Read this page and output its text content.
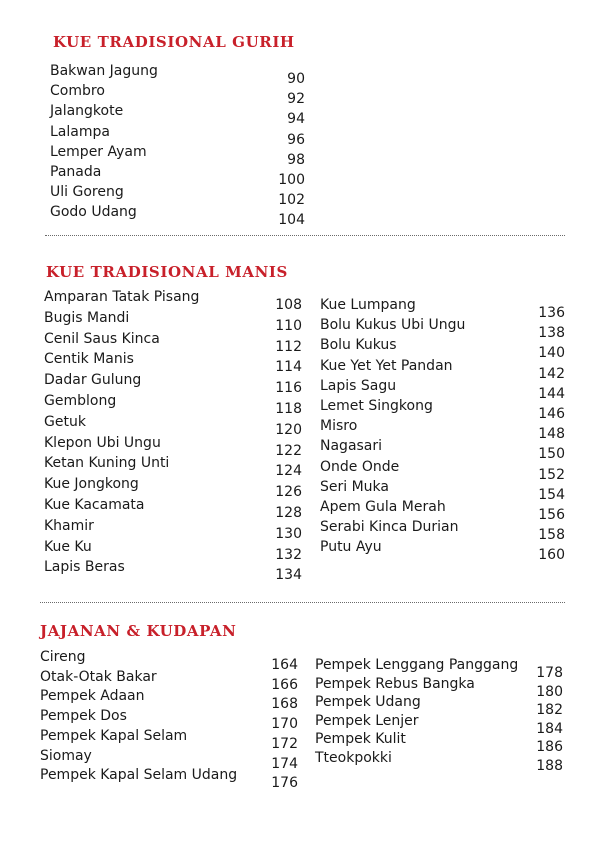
KUE TRADISIONAL GURIH
Bakwan Jagung	90
Combro	92
Jalangkote	94
Lalampa	96
Lemper Ayam	98
Panada	100
Uli Goreng	102
Godo Udang	104
KUE TRADISIONAL MANIS
Amparan Tatak Pisang	108
Bugis Mandi	110
Cenil Saus Kinca	112
Centik Manis	114
Dadar Gulung	116
Gemblong	118
Getuk	120
Klepon Ubi Ungu	122
Ketan Kuning Unti	124
Kue Jongkong	126
Kue Kacamata	128
Khamir	130
Kue Ku	132
Lapis Beras	134
Kue Lumpang	136
Bolu Kukus Ubi Ungu	138
Bolu Kukus	140
Kue Yet Yet Pandan	142
Lapis Sagu	144
Lemet Singkong	146
Misro	148
Nagasari	150
Onde Onde	152
Seri Muka	154
Apem Gula Merah	156
Serabi Kinca Durian	158
Putu Ayu	160
JAJANAN & KUDAPAN
Cireng	164
Otak-Otak Bakar	166
Pempek Adaan	168
Pempek Dos	170
Pempek Kapal Selam	172
Siomay	174
Pempek Kapal Selam Udang 176
Pempek Lenggang Panggang 178
Pempek Rebus Bangka	180
Pempek Udang	182
Pempek Lenjer	184
Pempek Kulit	186
Tteokpokki	188
